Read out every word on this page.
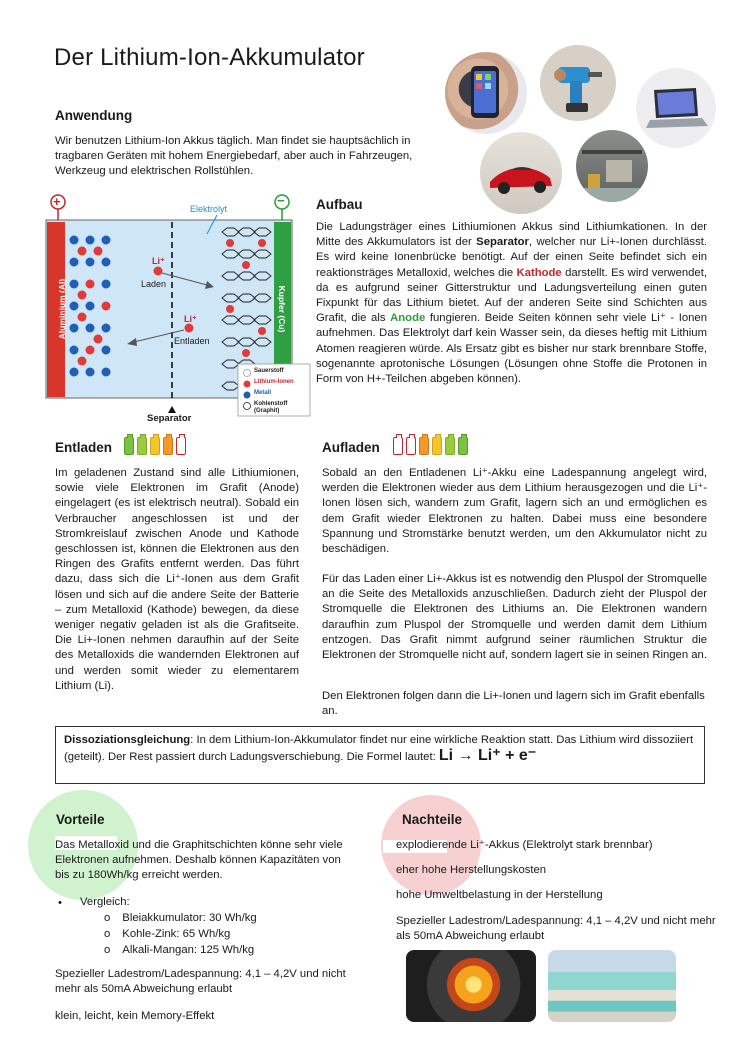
Der Lithium-Ion-Akkumulator
Anwendung

Wir benutzen Lithium-Ion Akkus täglich. Man findet sie hauptsächlich in tragbaren Geräten mit hohem Energiebedarf, aber auch in Fahrzeugen, Werkzeug und elektrischen Rollstühlen.

+	−
Elektrolyt
Aluminium (Al)	Kupfer (Cu)
Li⁺
Laden
Li⁺
Entladen
Separator
Sauerstoff
Lithium-Ionen
Metall
Kohlenstoff (Graphit)
Aufbau

Die Ladungsträger eines Lithiumionen Akkus sind Lithiumkationen. In der Mitte des Akkumulators ist der Separator, welcher nur Li+-Ionen durchlässt. Es wird keine Ionenbrücke benötigt. Auf der einen Seite befindet sich ein reaktionsträges Metalloxid, welches die Kathode darstellt. Es wird verwendet, da es aufgrund seiner Gitterstruktur und Ladungsverteilung einen guten Fixpunkt für das Lithium bietet. Auf der anderen Seite sind Schichten aus Grafit, die als Anode fungieren. Beide Seiten können sehr viele Li⁺ - Ionen aufnehmen. Das Elektrolyt darf kein Wasser sein, da dieses heftig mit Lithium Atomen reagieren würde. Als Ersatz gibt es bisher nur stark brennbare Stoffe, sogenannte aprotonische Lösungen (Lösungen ohne Stoffe die Protonen in Form von H+-Teilchen abgeben können).

Entladen

Im geladenen Zustand sind alle Lithiumionen, sowie viele Elektronen im Grafit (Anode) eingelagert (es ist elektrisch neutral). Sobald ein Verbraucher angeschlossen ist und der Stromkreislauf zwischen Anode und Kathode geschlossen ist, können die Elektronen aus den Ringen des Grafits entfernt werden. Das führt dazu, dass sich die Li⁺-Ionen aus dem Grafit lösen und sich auf die andere Seite der Batterie – zum Metalloxid (Kathode) bewegen, da diese weniger negativ geladen ist als die Grafitseite. Die Li+-Ionen nehmen daraufhin auf der Seite des Metalloxids die wandernden Elektronen auf und werden somit wieder zu elementarem Lithium (Li).

Aufladen

Sobald an den Entladenen Li⁺-Akku eine Ladespannung angelegt wird, werden die Elektronen wieder aus dem Lithium herausgezogen und die Li⁺-Ionen lösen sich, wandern zum Grafit, lagern sich an und ermöglichen es dem Grafit wieder Elektronen zu halten. Dabei muss eine besondere Spannung und Stromstärke benutzt werden, um den Akkumulator nicht zu beschädigen.

Für das Laden einer Li+-Akkus ist es notwendig den Pluspol der Stromquelle an die Seite des Metalloxids anzuschließen. Dadurch zieht der Pluspol der Stromquelle die Elektronen des Lithiums an. Die Elektronen wandern daraufhin zum Pluspol der Stromquelle und werden damit dem Lithium entzogen. Das Grafit nimmt aufgrund seiner räumlichen Struktur die Elektronen der Stromquelle nicht auf, sondern lagert sie in seinen Ringen an.

Den Elektronen folgen dann die Li+-Ionen und lagern sich im Grafit ebenfalls an.

Dissoziationsgleichung: In dem Lithium-Ion-Akkumulator findet nur eine wirkliche Reaktion statt. Das Lithium wird dissoziiert (geteilt). Der Rest passiert durch Ladungsverschiebung. Die Formel lautet: Li → Li⁺ + e⁻

Vorteile

Das Metalloxid und die Graphitschichten könne sehr viele Elektronen aufnehmen. Deshalb können Kapazitäten von bis zu 180Wh/kg erreicht werden.

• Vergleich:
o Bleiakkumulator: 30 Wh/kg
o Kohle-Zink: 65 Wh/kg
o Alkali-Mangan: 125 Wh/kg

Spezieller Ladestrom/Ladespannung: 4,1 – 4,2V und nicht mehr als 50mA Abweichung erlaubt

klein, leicht, kein Memory-Effekt

Nachteile

explodierende Li⁺-Akkus (Elektrolyt stark brennbar)

eher hohe Herstellungskosten

hohe Umweltbelastung in der Herstellung

Spezieller Ladestrom/Ladespannung: 4,1 – 4,2V und nicht mehr als 50mA Abweichung erlaubt
